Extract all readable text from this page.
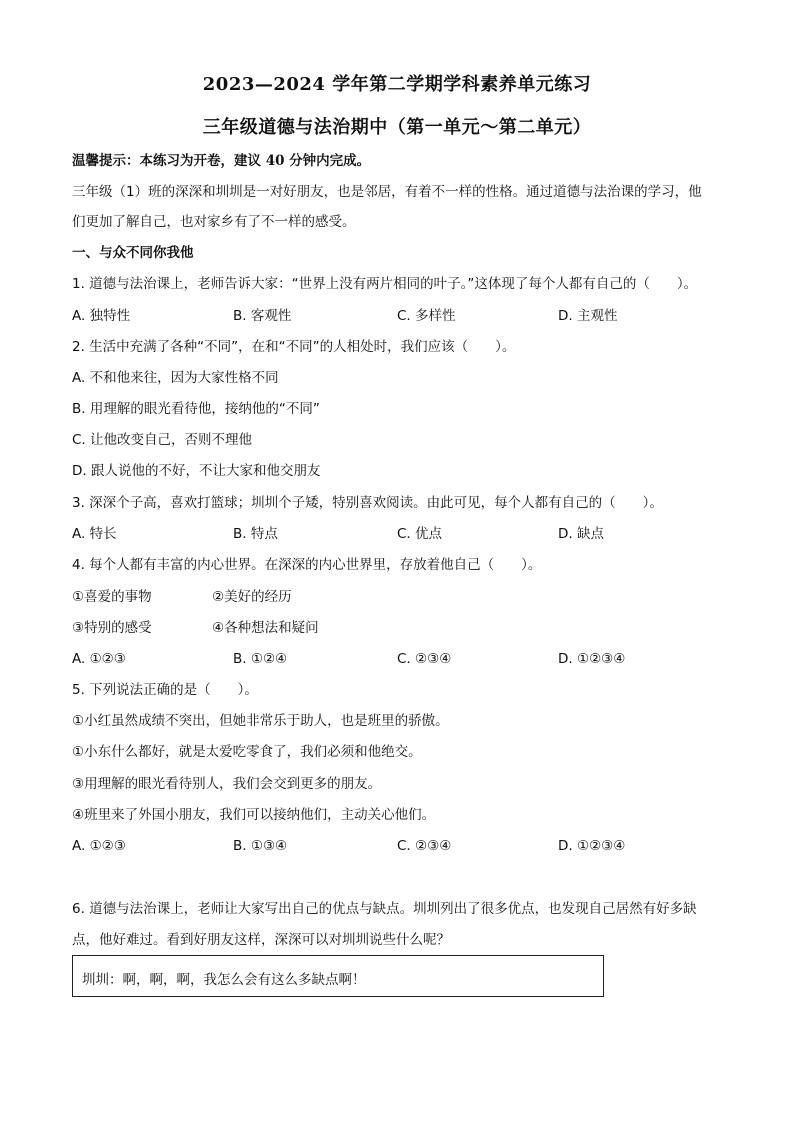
2023—2024 学年第二学期学科素养单元练习
三年级道德与法治期中（第一单元～第二单元）
温馨提示：本练习为开卷，建议 40 分钟内完成。
三年级（1）班的深深和圳圳是一对好朋友，也是邻居，有着不一样的性格。通过道德与法治课的学习，他
们更加了解自己，也对家乡有了不一样的感受。
一、与众不同你我他
1. 道德与法治课上，老师告诉大家：“世界上没有两片相同的叶子。”这体现了每个人都有自己的（　　）。
A. 独特性	B. 客观性	C. 多样性	D. 主观性
2. 生活中充满了各种“不同”，在和“不同”的人相处时，我们应该（　　）。
A. 不和他来往，因为大家性格不同
B. 用理解的眼光看待他，接纳他的“不同”
C. 让他改变自己，否则不理他
D. 跟人说他的不好，不让大家和他交朋友
3. 深深个子高，喜欢打篮球；圳圳个子矮，特别喜欢阅读。由此可见，每个人都有自己的（　　）。
A. 特长	B. 特点	C. 优点	D. 缺点
4. 每个人都有丰富的内心世界。在深深的内心世界里，存放着他自己（　　）。
①喜爱的事物	②美好的经历
③特别的感受	④各种想法和疑问
A. ①②③	B. ①②④	C. ②③④	D. ①②③④
5. 下列说法正确的是（　　）。
①小红虽然成绩不突出，但她非常乐于助人，也是班里的骄傲。
①小东什么都好，就是太爱吃零食了，我们必须和他绝交。
③用理解的眼光看待别人，我们会交到更多的朋友。
④班里来了外国小朋友，我们可以接纳他们，主动关心他们。
A. ①②③	B. ①③④	C. ②③④	D. ①②③④
6. 道德与法治课上，老师让大家写出自己的优点与缺点。圳圳列出了很多优点，也发现自己居然有好多缺
点，他好难过。看到好朋友这样，深深可以对圳圳说些什么呢？
圳圳：啊，啊，啊，我怎么会有这么多缺点啊！
